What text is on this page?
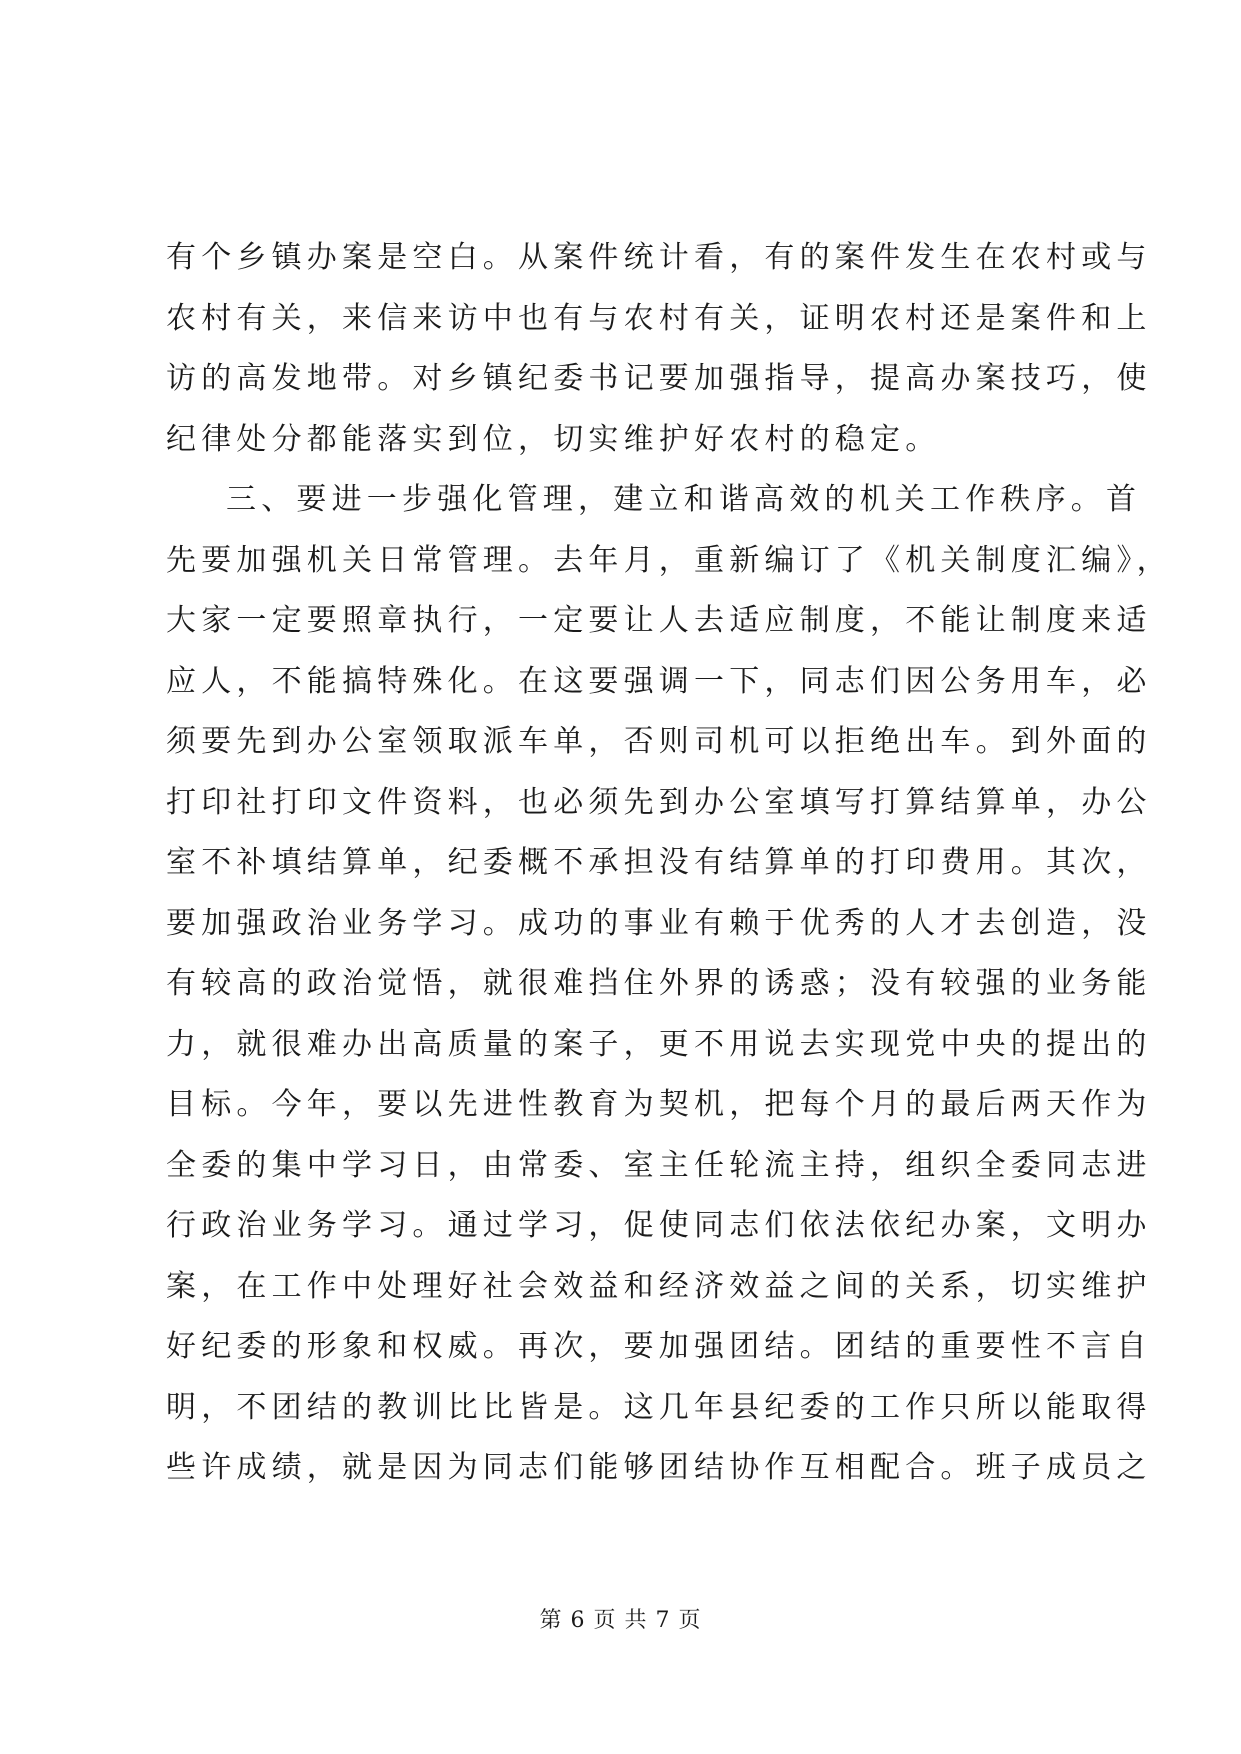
有个乡镇办案是空白。从案件统计看，有的案件发生在农村或与
农村有关，来信来访中也有与农村有关，证明农村还是案件和上
访的高发地带。对乡镇纪委书记要加强指导，提高办案技巧，使
纪律处分都能落实到位，切实维护好农村的稳定。
三、要进一步强化管理，建立和谐高效的机关工作秩序。首
先要加强机关日常管理。去年月，重新编订了《机关制度汇编》，
大家一定要照章执行，一定要让人去适应制度，不能让制度来适
应人，不能搞特殊化。在这要强调一下，同志们因公务用车，必
须要先到办公室领取派车单，否则司机可以拒绝出车。到外面的
打印社打印文件资料，也必须先到办公室填写打算结算单，办公
室不补填结算单，纪委概不承担没有结算单的打印费用。其次，
要加强政治业务学习。成功的事业有赖于优秀的人才去创造，没
有较高的政治觉悟，就很难挡住外界的诱惑；没有较强的业务能
力，就很难办出高质量的案子，更不用说去实现党中央的提出的
目标。今年，要以先进性教育为契机，把每个月的最后两天作为
全委的集中学习日，由常委、室主任轮流主持，组织全委同志进
行政治业务学习。通过学习，促使同志们依法依纪办案，文明办
案，在工作中处理好社会效益和经济效益之间的关系，切实维护
好纪委的形象和权威。再次，要加强团结。团结的重要性不言自
明，不团结的教训比比皆是。这几年县纪委的工作只所以能取得
些许成绩，就是因为同志们能够团结协作互相配合。班子成员之
第 6 页 共 7 页
